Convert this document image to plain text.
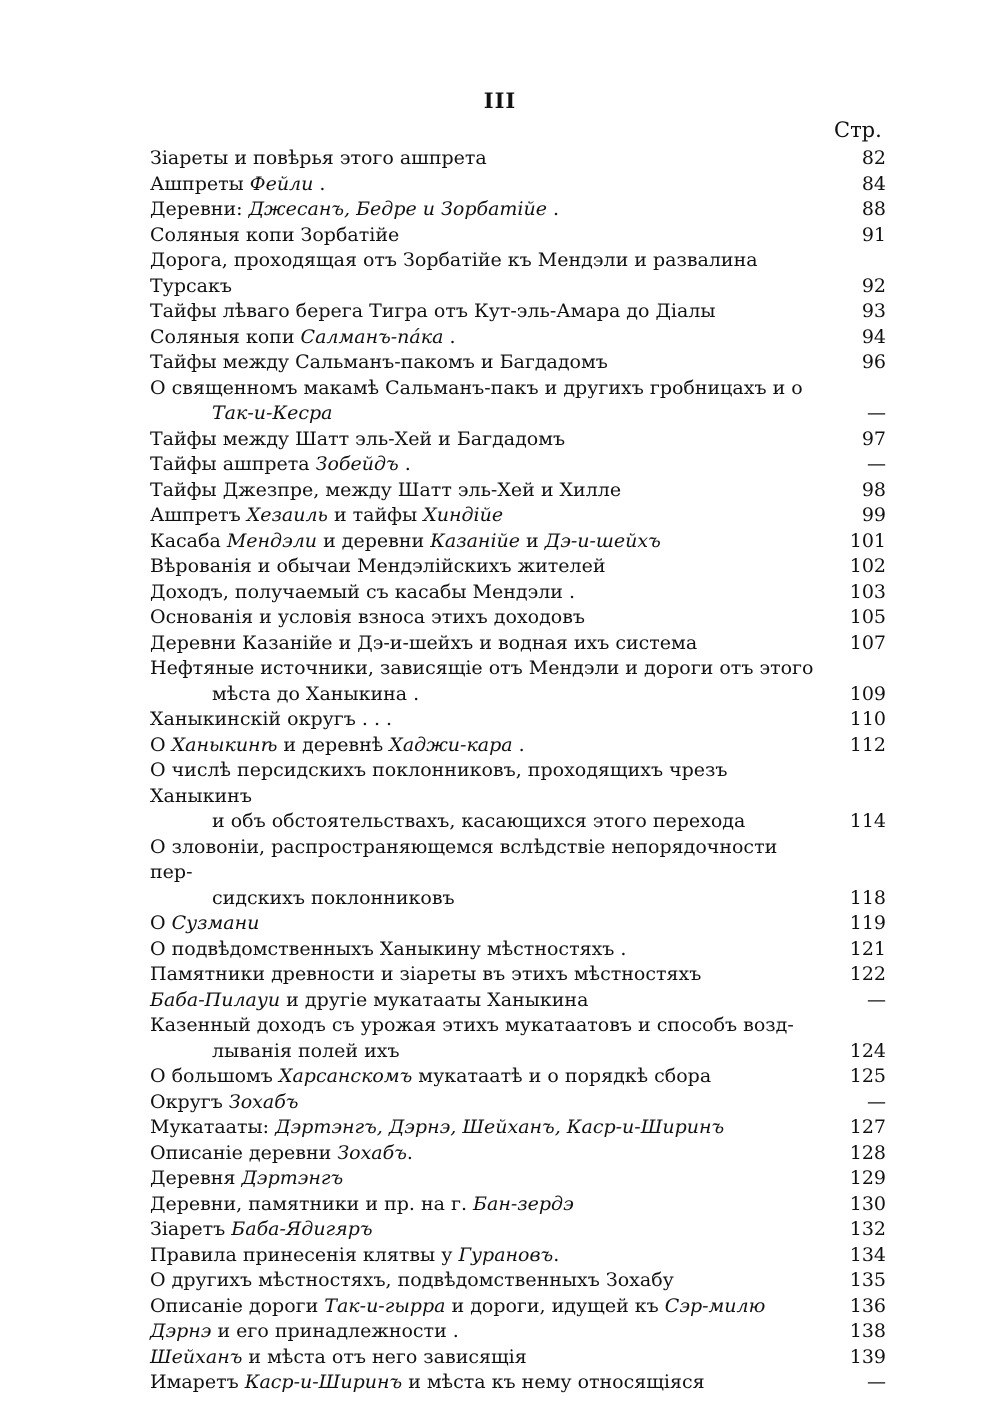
III
Стр.
Зiареты и повѣрья этого ашпрета	82
Ашпреты Фейли .	84
Деревни: Джесанъ, Бедре и Зорбатiйе .	88
Соляныя копи Зорбатiйе	91
Дорога, проходящая отъ Зорбатiйе къ Мендэли и развалина Турсакъ	92
Тайфы лѣваго берега Тигра отъ Кут-эль-Амара до Дiалы	93
Соляныя копи Салманъ-пáка .	94
Тайфы между Сальманъ-пакомъ и Багдадомъ	96
О священномъ макамѣ Сальманъ-пакъ и другихъ гробницахъ и о
Так-и-Кесра	—
Тайфы между Шатт эль-Хей и Багдадомъ	97
Тайфы ашпрета Зобейдъ .	—
Тайфы Джезпре, между Шатт эль-Хей и Хилле	98
Ашпретъ Хезаиль и тайфы Хиндiйе	99
Касаба Мендэли и деревни Казанiйе и Дэ-и-шейхъ	101
Вѣрованiя и обычаи Мендэлiйскихъ жителей	102
Доходъ, получаемый съ касабы Мендэли .	103
Основанiя и условiя взноса этихъ доходовъ	105
Деревни Казанiйе и Дэ-и-шейхъ и водная ихъ система	107
Нефтяные источники, зависящiе отъ Мендэли и дороги отъ этого
мѣста до Ханыкина .	109
Ханыкинскiй округъ . . .	110
О Ханыкинѣ и деревнѣ Хаджи-кара .	112
О числѣ персидскихъ поклонниковъ, проходящихъ чрезъ Ханыкинъ
и объ обстоятельствахъ, касающихся этого перехода	114
О зловонiи, распространяющемся вслѣдствiе непорядочности пер-
сидскихъ поклонниковъ	118
О Сузмани	119
О подвѣдомственныхъ Ханыкину мѣстностяхъ .	121
Памятники древности и зiареты въ этихъ мѣстностяхъ	122
Баба-Пилауи и другiе мукатааты Ханыкина	—
Казенный доходъ съ урожая этихъ мукатаатовъ и способъ возд-
лыванiя полей ихъ	124
О большомъ Харсанскомъ мукатаатѣ и о порядкѣ сбора	125
Округъ Зохабъ	—
Мукатааты: Дэртэнгъ, Дэрнэ, Шейханъ, Каср-и-Ширинъ	127
Описанiе деревни Зохабъ.	128
Деревня Дэртэнгъ	129
Деревни, памятники и пр. на г. Бан-зердэ	130
Зiаретъ Баба-Ядигяръ	132
Правила принесенiя клятвы у Гурановъ.	134
О другихъ мѣстностяхъ, подвѣдомственныхъ Зохабу	135
Описанiе дороги Так-и-гырра и дороги, идущей къ Сэр-милю	136
Дэрнэ и его принадлежности .	138
Шейханъ и мѣста отъ него зависящiя	139
Имаретъ Каср-и-Ширинъ и мѣста къ нему относящiяся	—
